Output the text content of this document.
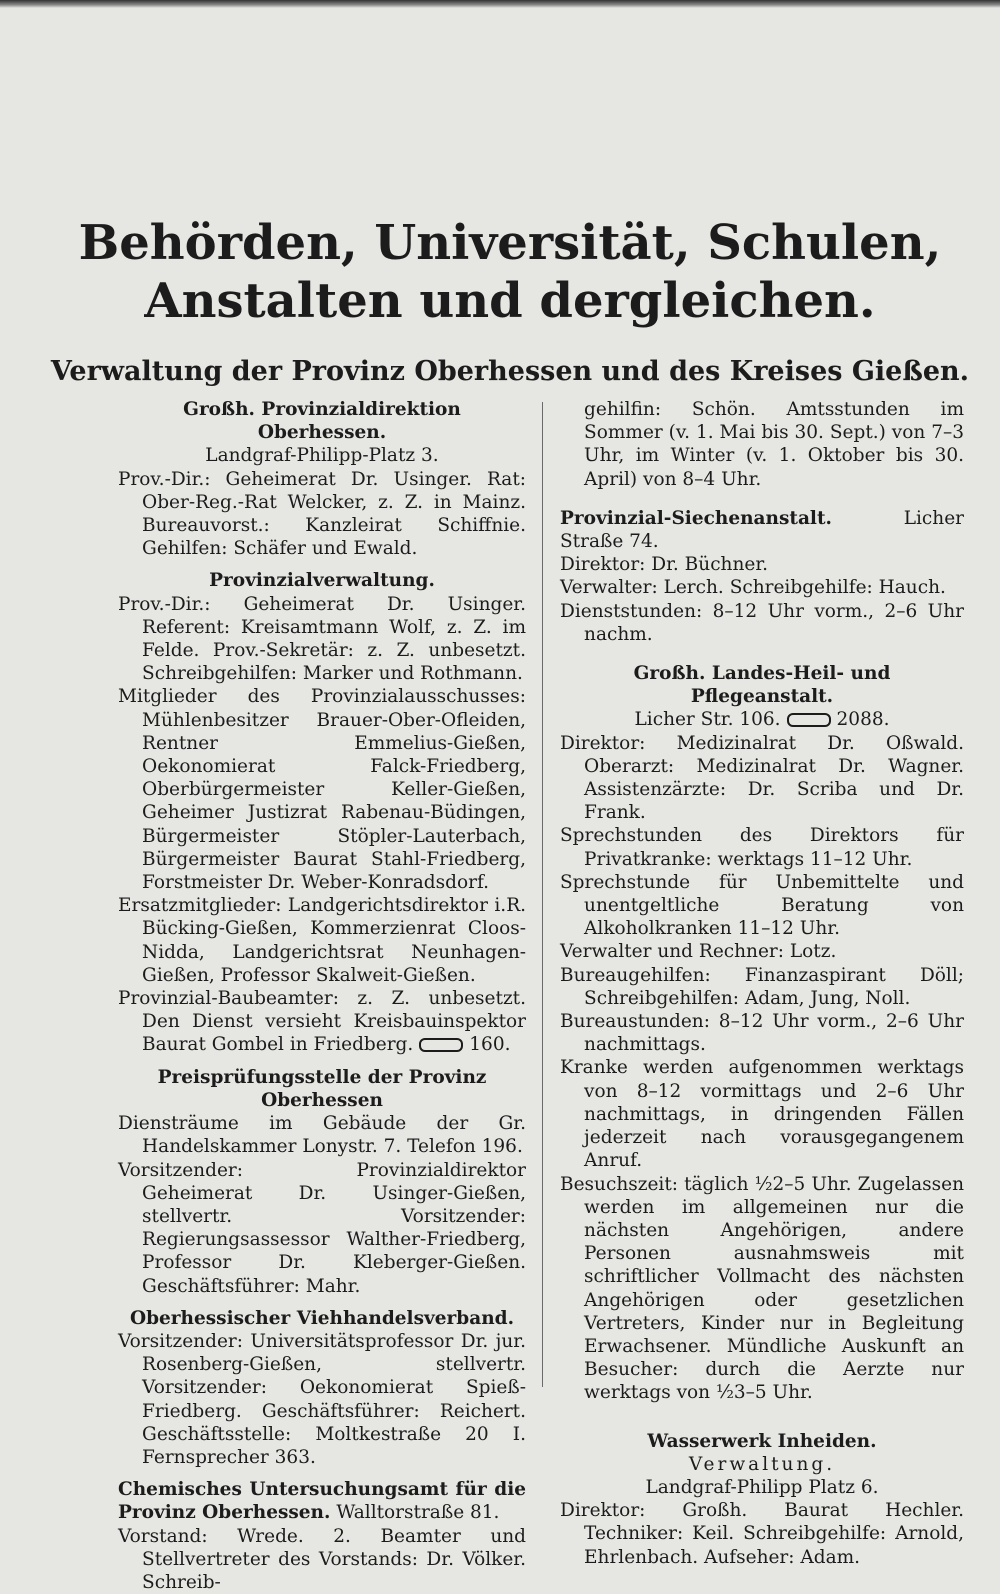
Behörden, Universität, Schulen, Anstalten und dergleichen.
Verwaltung der Provinz Oberhessen und des Kreises Gießen.

Großh. Provinzialdirektion Oberhessen.

Landgraf-Philipp-Platz 3.

Prov.-Dir.: Geheimerat Dr. Usinger. Rat: Ober-Reg.-Rat Welcker, z. Z. in Mainz. Bureauvorst.: Kanzleirat Schiffnie. Gehilfen: Schäfer und Ewald.

Provinzialverwaltung.

Prov.-Dir.: Geheimerat Dr. Usinger. Referent: Kreisamtmann Wolf, z. Z. im Felde. Prov.-Sekretär: z. Z. unbesetzt. Schreibgehilfen: Marker und Rothmann.

Mitglieder des Provinzialausschusses: Mühlenbesitzer Brauer-Ober-Ofleiden, Rentner Emmelius-Gießen, Oekonomierat Falck-Friedberg, Oberbürgermeister Keller-Gießen, Geheimer Justizrat Rabenau-Büdingen, Bürgermeister Stöpler-Lauterbach, Bürgermeister Baurat Stahl-Friedberg, Forstmeister Dr. Weber-Konradsdorf.

Ersatzmitglieder: Landgerichtsdirektor i.R. Bücking-Gießen, Kommerzienrat Cloos-Nidda, Landgerichtsrat Neunhagen-Gießen, Professor Skalweit-Gießen.

Provinzial-Baubeamter: z. Z. unbesetzt. Den Dienst versieht Kreisbauinspektor Baurat Gombel in Friedberg.	160.

Preisprüfungsstelle der Provinz Oberhessen

Diensträume im Gebäude der Gr. Handelskammer Lonystr. 7. Telefon 196.

Vorsitzender: Provinzialdirektor Geheimerat Dr. Usinger-Gießen, stellvertr. Vorsitzender: Regierungsassessor Walther-Friedberg, Professor Dr. Kleberger-Gießen. Geschäftsführer: Mahr.

Oberhessischer Viehhandelsverband.

Vorsitzender: Universitätsprofessor Dr. jur. Rosenberg-Gießen, stellvertr. Vorsitzender: Oekonomierat Spieß-Friedberg. Geschäftsführer: Reichert. Geschäftsstelle: Moltkestraße 20 I. Fernsprecher 363.

Chemisches Untersuchungsamt für die Provinz Oberhessen. Walltorstraße 81.

Vorstand: Wrede. 2. Beamter und Stellvertreter des Vorstands: Dr. Völker. Schreib-

gehilfin: Schön. Amtsstunden im Sommer (v. 1. Mai bis 30. Sept.) von 7–3 Uhr, im Winter (v. 1. Oktober bis 30. April) von 8–4 Uhr.

Provinzial-Siechenanstalt.	Licher Straße 74.

Direktor: Dr. Büchner.

Verwalter: Lerch. Schreibgehilfe: Hauch.

Dienststunden: 8–12 Uhr vorm., 2–6 Uhr nachm.

Großh. Landes-Heil- und Pflegeanstalt.

Licher Str. 106.	2088.

Direktor: Medizinalrat Dr. Oßwald. Oberarzt: Medizinalrat Dr. Wagner. Assistenzärzte: Dr. Scriba und Dr. Frank.

Sprechstunden des Direktors für Privatkranke: werktags 11–12 Uhr.

Sprechstunde für Unbemittelte und unentgeltliche Beratung von Alkoholkranken 11–12 Uhr.

Verwalter und Rechner: Lotz.

Bureaugehilfen: Finanzaspirant Döll; Schreibgehilfen: Adam, Jung, Noll.

Bureaustunden: 8–12 Uhr vorm., 2–6 Uhr nachmittags.

Kranke werden aufgenommen werktags von 8–12 vormittags und 2–6 Uhr nachmittags, in dringenden Fällen jederzeit nach vorausgegangenem Anruf.

Besuchszeit: täglich ½2–5 Uhr. Zugelassen werden im allgemeinen nur die nächsten Angehörigen, andere Personen ausnahmsweis mit schriftlicher Vollmacht des nächsten Angehörigen oder gesetzlichen Vertreters, Kinder nur in Begleitung Erwachsener. Mündliche Auskunft an Besucher: durch die Aerzte nur werktags von ½3–5 Uhr.

Wasserwerk Inheiden.

Verwaltung.

Landgraf-Philipp Platz 6.

Direktor: Großh. Baurat Hechler. Techniker: Keil. Schreibgehilfe: Arnold, Ehrlenbach. Aufseher: Adam.
